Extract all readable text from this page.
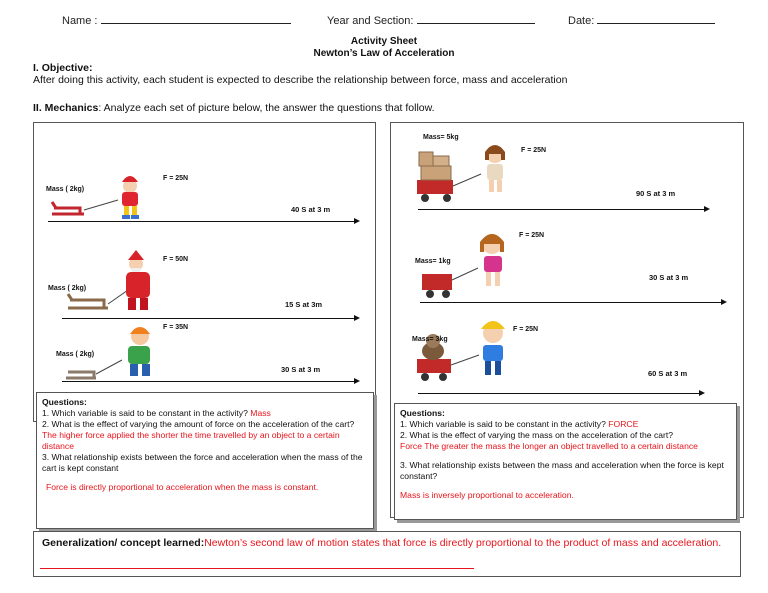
Name :	Year and Section:	Date:
Activity Sheet
Newton’s Law of Acceleration
I. Objective:
After doing this activity, each student is expected to describe the relationship between force, mass and acceleration
II. Mechanics: Analyze each set of picture below, the answer the questions that follow.
Mass ( 2kg)
F = 25N
40 S at 3 m
Mass ( 2kg)
F = 50N
15 S at 3m
Mass ( 2kg)
F = 35N
30 S at 3 m
Questions:
1. Which variable is said to be constant in the activity? Mass
2. What is the effect of varying the amount of force on the acceleration of the cart?
The higher force applied the shorter the time travelled by an object to a certain distance
3. What relationship exists between the force and acceleration when the mass of the cart is kept constant
Force is directly proportional to acceleration when the mass is constant.
Mass= 5kg
F = 25N
90 S at 3 m
Mass= 1kg
F = 25N
30 S at 3 m
Mass= 3kg
F = 25N
60 S at 3 m
Questions:
1. Which variable is said to be constant in the activity? FORCE
2. What is the effect of varying the mass on the acceleration of the cart?
Force The greater the mass the longer an object travelled to a certain distance
3. What relationship exists between the mass and acceleration when the force is kept constant?
Mass is inversely proportional to acceleration.
Generalization/ concept learned:Newton’s second law of motion states that force is directly proportional to the product of mass and acceleration.
